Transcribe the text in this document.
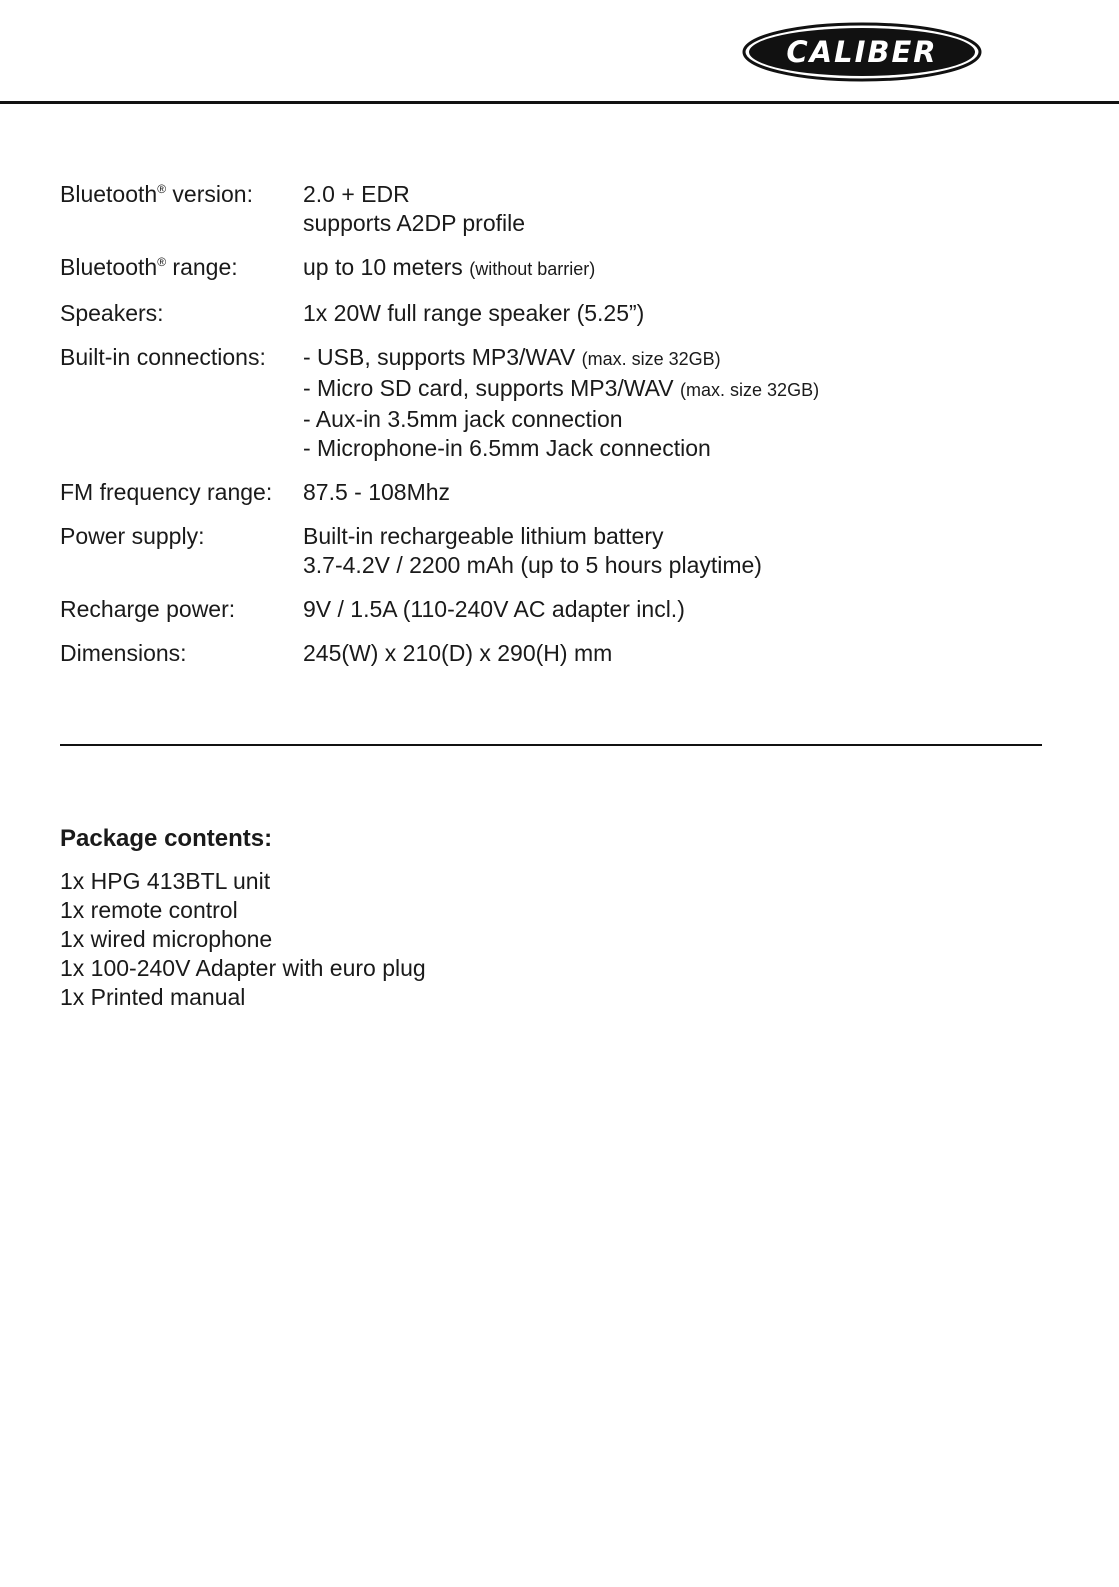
CALIBER
Bluetooth® version:	2.0 + EDR
supports A2DP profile
Bluetooth® range:	up to 10 meters (without barrier)
Speakers:	1x 20W full range speaker (5.25”)
Built-in connections:	- USB, supports MP3/WAV (max. size 32GB)
- Micro SD card, supports MP3/WAV (max. size 32GB)
- Aux-in 3.5mm jack connection
- Microphone-in 6.5mm Jack connection
FM frequency range:	87.5 - 108Mhz
Power supply:	Built-in rechargeable lithium battery
3.7-4.2V / 2200 mAh (up to 5 hours playtime)
Recharge power:	9V / 1.5A (110-240V AC adapter incl.)
Dimensions:	245(W) x 210(D) x 290(H) mm
Package contents:
1x HPG 413BTL unit
1x remote control
1x wired microphone
1x 100-240V Adapter with euro plug
1x Printed manual
